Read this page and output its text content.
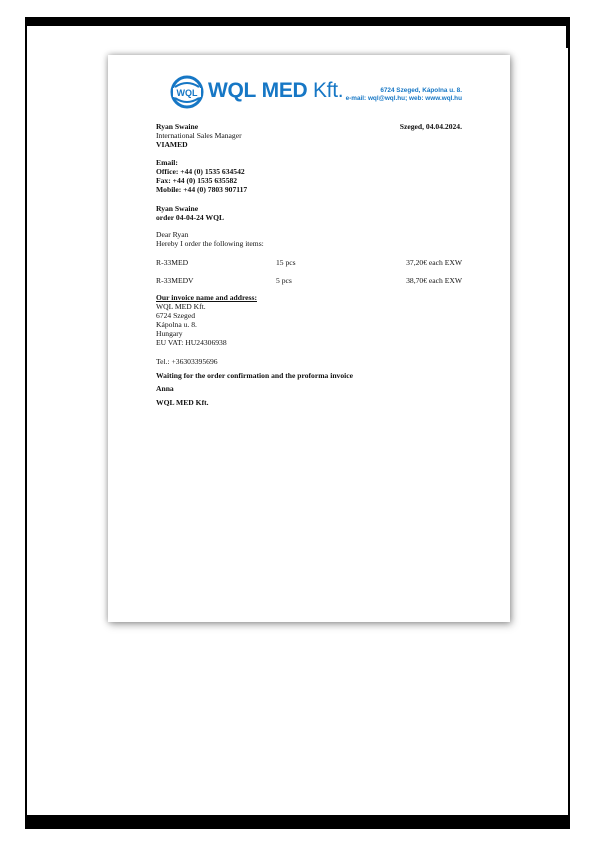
WQL WQL MED Kft.	6724 Szeged, Kápolna u. 8.
e-mail: wql@wql.hu; web: www.wql.hu
Szeged, 04.04.2024.
Ryan Swaine
International Sales Manager
VIAMED
Email:
Office: +44 (0) 1535 634542
Fax: +44 (0) 1535 635582
Mobile: +44 (0) 7803 907117
Ryan Swaine
order 04-04-24 WQL
Dear Ryan
Hereby I order the following items:
R-33MED	15 pcs	37,20€ each EXW
R-33MEDV	5 pcs	38,70€ each EXW
Our invoice name and address:
WQL MED Kft.
6724 Szeged
Kápolna u. 8.
Hungary
EU VAT: HU24306938
Tel.: +36303395696
Waiting for the order confirmation and the proforma invoice
Anna
WQL MED Kft.
